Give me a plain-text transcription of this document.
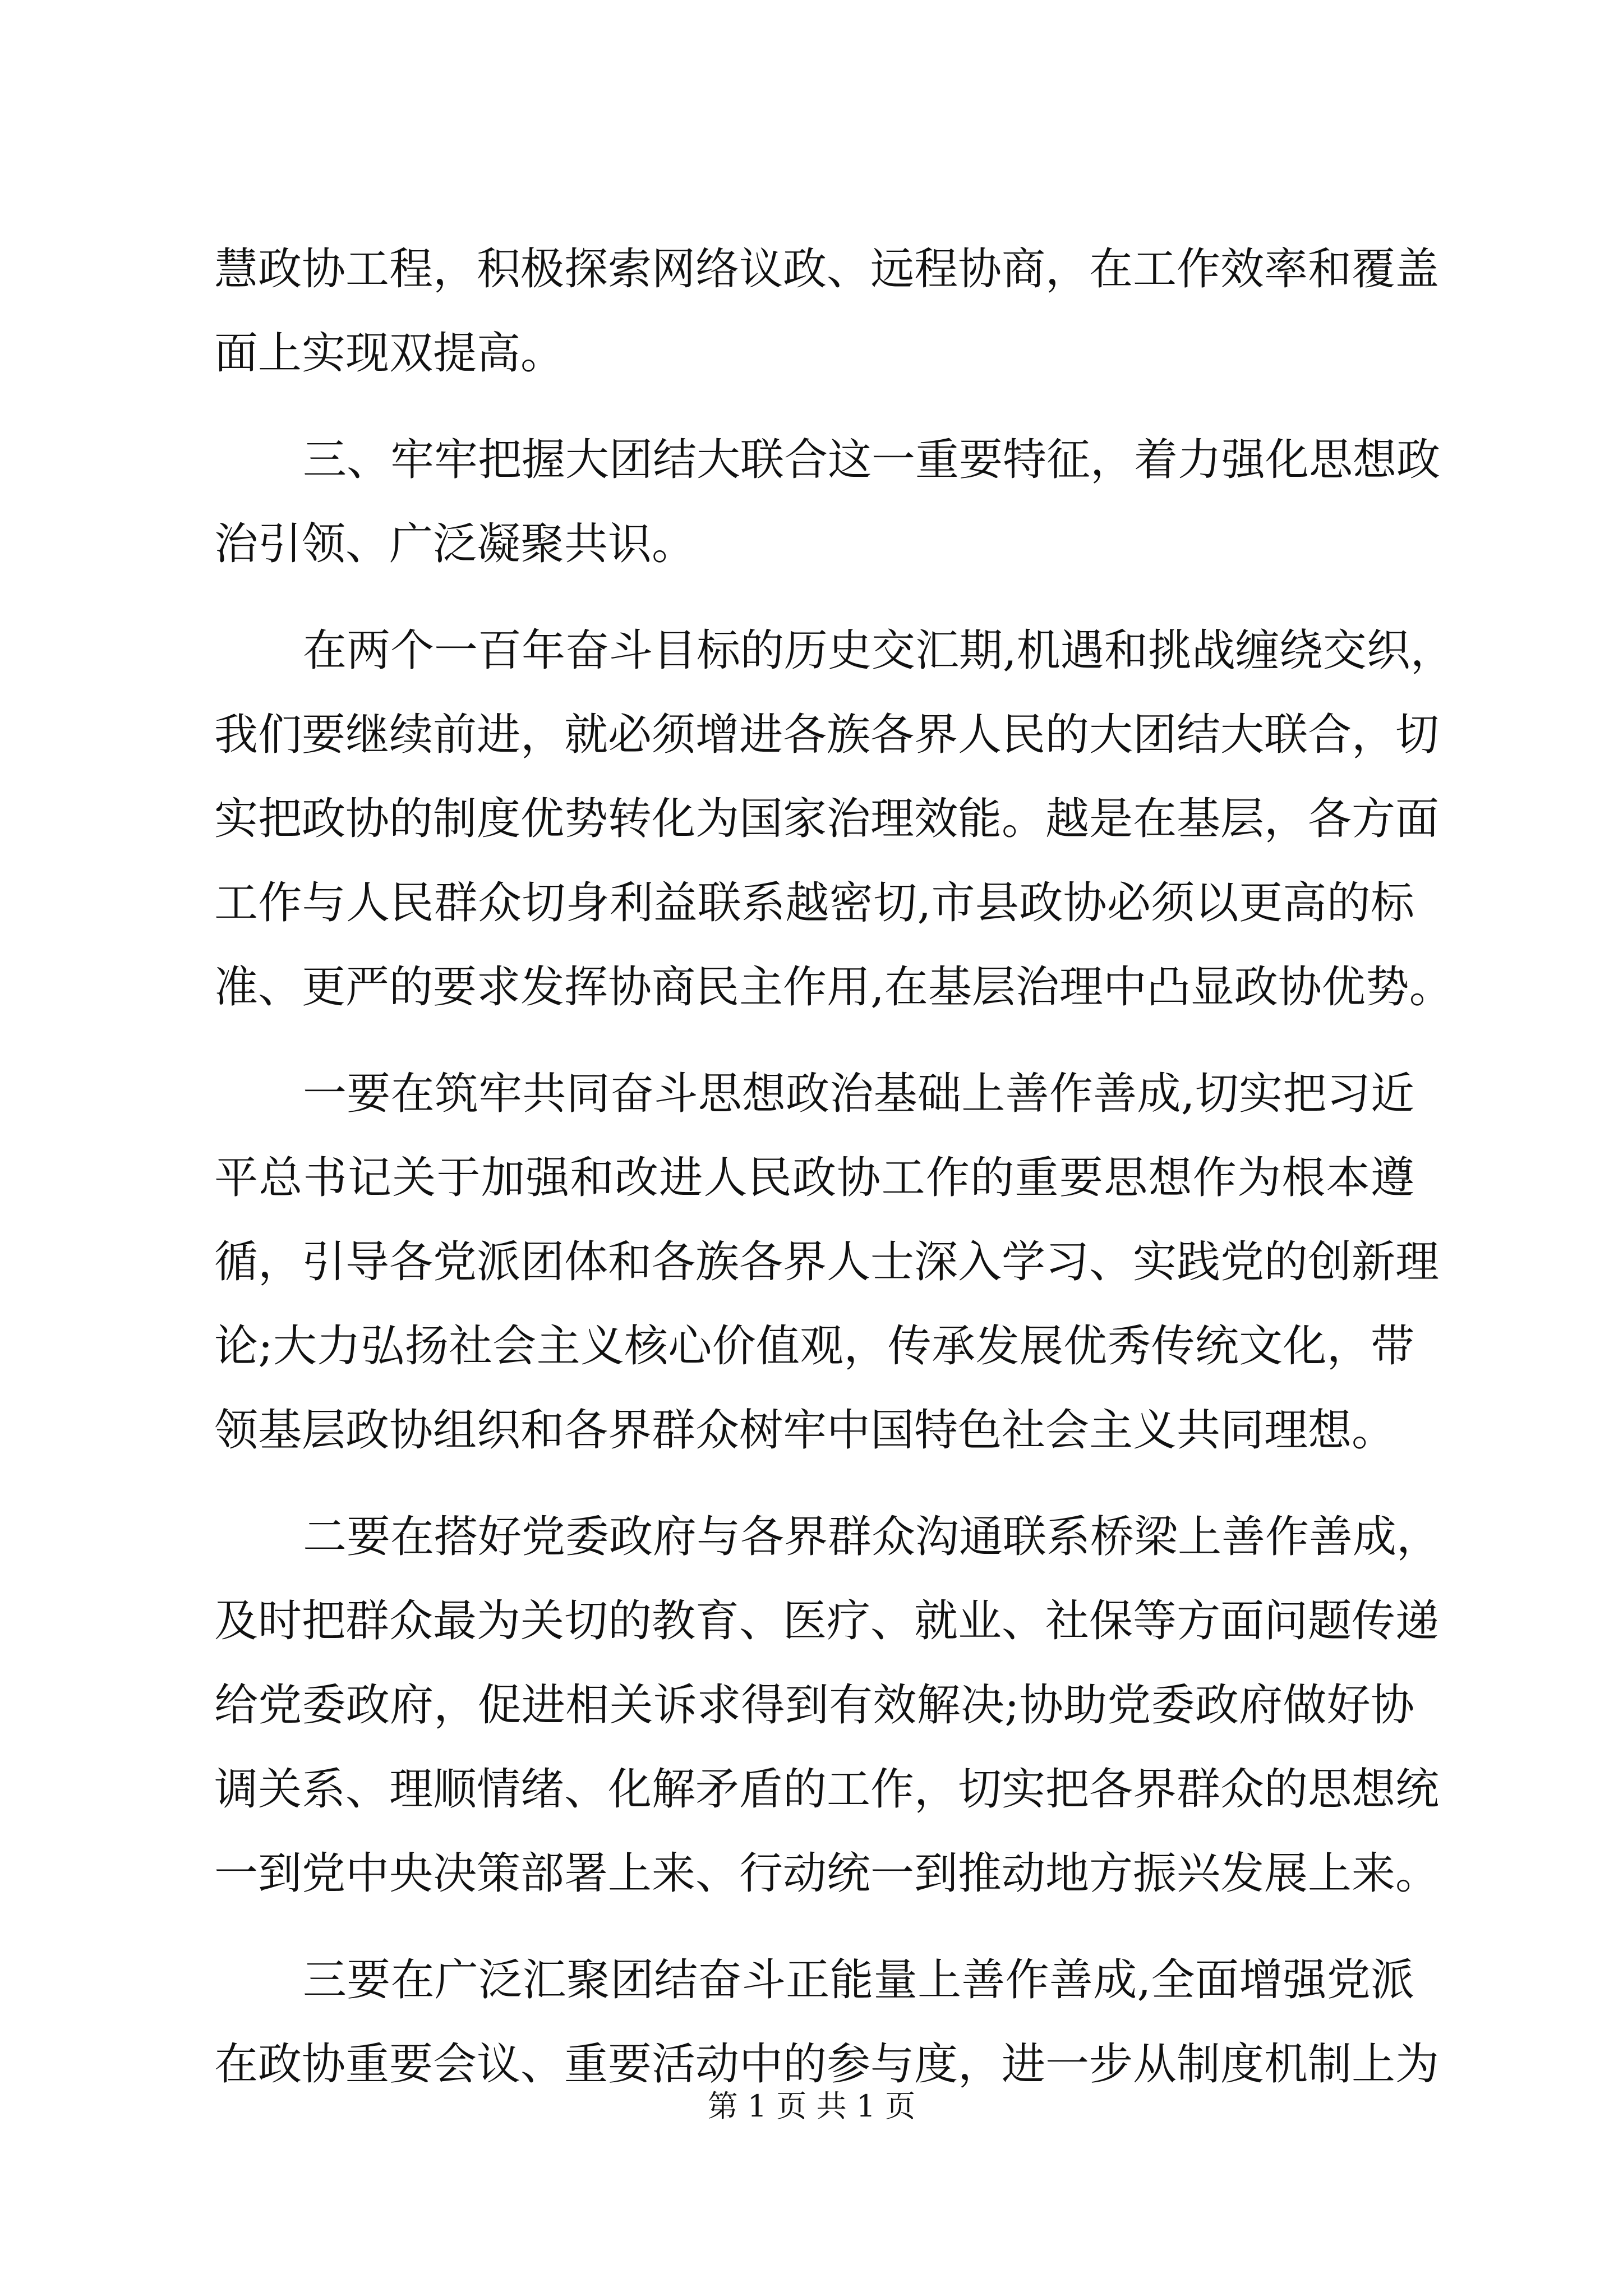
慧政协工程，积极探索网络议政、远程协商，在工作效率和覆盖
面上实现双提高。
三、牢牢把握大团结大联合这一重要特征，着力强化思想政
治引领、广泛凝聚共识。
在两个一百年奋斗目标的历史交汇期,机遇和挑战缠绕交织，
我们要继续前进，就必须增进各族各界人民的大团结大联合，切
实把政协的制度优势转化为国家治理效能。越是在基层，各方面
工作与人民群众切身利益联系越密切,市县政协必须以更高的标
准、更严的要求发挥协商民主作用,在基层治理中凸显政协优势。
一要在筑牢共同奋斗思想政治基础上善作善成,切实把习近
平总书记关于加强和改进人民政协工作的重要思想作为根本遵
循，引导各党派团体和各族各界人士深入学习、实践党的创新理
论;大力弘扬社会主义核心价值观，传承发展优秀传统文化，带
领基层政协组织和各界群众树牢中国特色社会主义共同理想。
二要在搭好党委政府与各界群众沟通联系桥梁上善作善成，
及时把群众最为关切的教育、医疗、就业、社保等方面问题传递
给党委政府，促进相关诉求得到有效解决;协助党委政府做好协
调关系、理顺情绪、化解矛盾的工作，切实把各界群众的思想统
一到党中央决策部署上来、行动统一到推动地方振兴发展上来。
三要在广泛汇聚团结奋斗正能量上善作善成,全面增强党派
在政协重要会议、重要活动中的参与度，进一步从制度机制上为
第 1 页 共 1 页
